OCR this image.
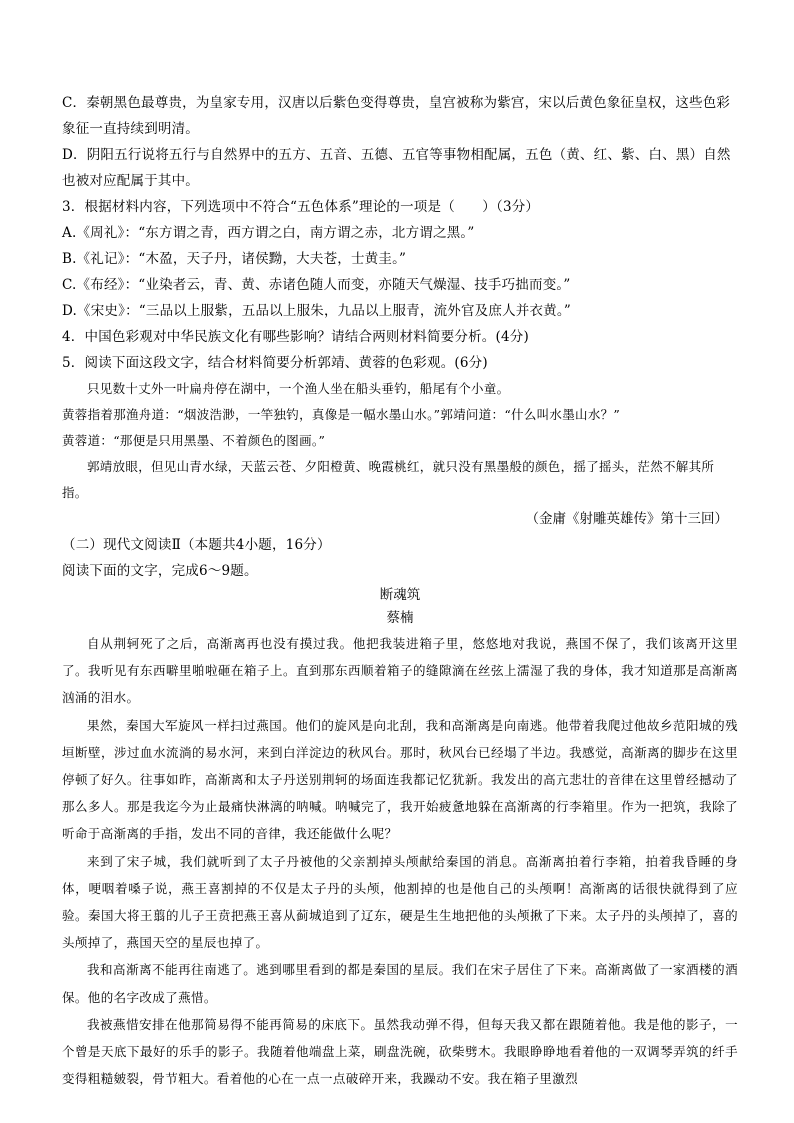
C．秦朝黑色最尊贵，为皇家专用，汉唐以后紫色变得尊贵，皇宫被称为紫宫，宋以后黄色象征皇权，这些色彩象征一直持续到明清。

D．阴阳五行说将五行与自然界中的五方、五音、五德、五官等事物相配属，五色（黄、红、紫、白、黑）自然也被对应配属于其中。

3．根据材料内容，下列选项中不符合“五色体系”理论的一项是（　　）（3分）

A.《周礼》：“东方谓之青，西方谓之白，南方谓之赤，北方谓之黑。”

B.《礼记》：“木盈，天子丹，诸侯黝，大夫苍，士黄圭。”

C.《布经》：“业染者云，青、黄、赤诸色随人而变，亦随天气燥湿、技手巧拙而变。”

D.《宋史》：“三品以上服紫，五品以上服朱，九品以上服青，流外官及庶人并衣黄。”

4．中国色彩观对中华民族文化有哪些影响？请结合两则材料简要分析。(4分)

5．阅读下面这段文字，结合材料简要分析郭靖、黄蓉的色彩观。(6分)

只见数十丈外一叶扁舟停在湖中，一个渔人坐在船头垂钓，船尾有个小童。

黄蓉指着那渔舟道：“烟波浩渺，一竿独钓，真像是一幅水墨山水。”郭靖问道：“什么叫水墨山水？”

黄蓉道：“那便是只用黑墨、不着颜色的图画。”

郭靖放眼，但见山青水绿，天蓝云苍、夕阳橙黄、晚霞桃红，就只没有黑墨般的颜色，摇了摇头，茫然不解其所指。

（金庸《射雕英雄传》第十三回）

（二）现代文阅读Ⅱ（本题共4小题，16分）

阅读下面的文字，完成6～9题。

断魂筑

蔡楠

自从荆轲死了之后，高渐离再也没有摸过我。他把我装进箱子里，悠悠地对我说，燕国不保了，我们该离开这里了。我听见有东西噼里啪啦砸在箱子上。直到那东西顺着箱子的缝隙滴在丝弦上濡湿了我的身体，我才知道那是高渐离汹涌的泪水。

果然，秦国大军旋风一样扫过燕国。他们的旋风是向北刮，我和高渐离是向南逃。他带着我爬过他故乡范阳城的残垣断壁，涉过血水流淌的易水河，来到白洋淀边的秋风台。那时，秋风台已经塌了半边。我感觉，高渐离的脚步在这里停顿了好久。往事如昨，高渐离和太子丹送别荆轲的场面连我都记忆犹新。我发出的高亢悲壮的音律在这里曾经撼动了那么多人。那是我迄今为止最痛快淋漓的呐喊。呐喊完了，我开始疲惫地躲在高渐离的行李箱里。作为一把筑，我除了听命于高渐离的手指，发出不同的音律，我还能做什么呢？

来到了宋子城，我们就听到了太子丹被他的父亲割掉头颅献给秦国的消息。高渐离拍着行李箱，拍着我昏睡的身体，哽咽着嗓子说，燕王喜割掉的不仅是太子丹的头颅，他割掉的也是他自己的头颅啊！高渐离的话很快就得到了应验。秦国大将王翦的儿子王贲把燕王喜从蓟城追到了辽东，硬是生生地把他的头颅揪了下来。太子丹的头颅掉了，喜的头颅掉了，燕国天空的星辰也掉了。

我和高渐离不能再往南逃了。逃到哪里看到的都是秦国的星辰。我们在宋子居住了下来。高渐离做了一家酒楼的酒保。他的名字改成了燕惜。

我被燕惜安排在他那简易得不能再简易的床底下。虽然我动弹不得，但每天我又都在跟随着他。我是他的影子，一个曾是天底下最好的乐手的影子。我随着他端盘上菜，刷盘洗碗，砍柴劈木。我眼睁睁地看着他的一双调琴弄筑的纤手变得粗糙皴裂，骨节粗大。看着他的心在一点一点破碎开来，我躁动不安。我在箱子里激烈
